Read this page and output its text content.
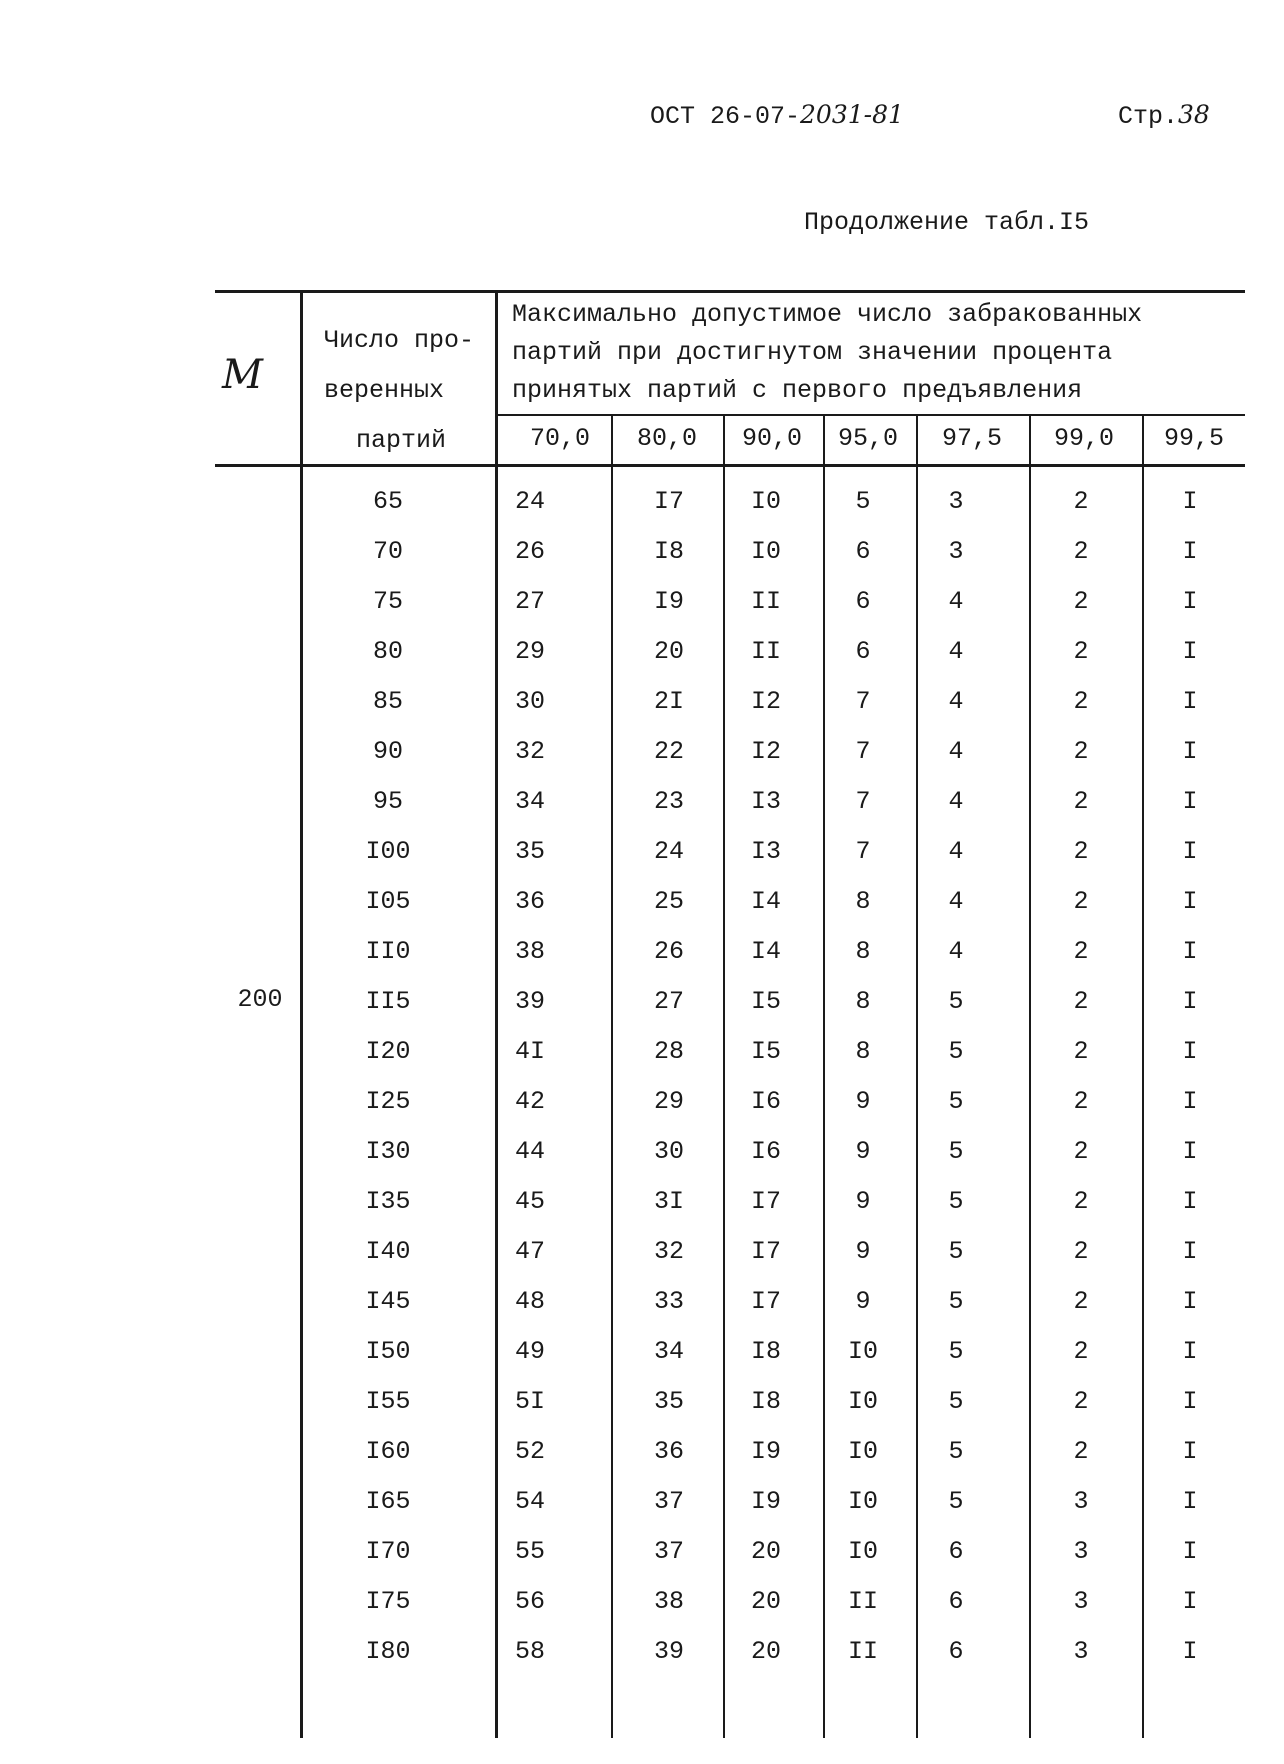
ОСТ 26-07-2031-81	Стр.38
Продолжение табл.I5
M
Число про-
веренных
партий
Максимально допустимое число забракованных
партий при достигнутом значении процента
принятых партий с первого предъявления
200
70,0	80,0	90,0	95,0	97,5	99,0	99,5
65	24	I7	I0	5	3	2	I
70	26	I8	I0	6	3	2	I
75	27	I9	II	6	4	2	I
80	29	20	II	6	4	2	I
85	30	2I	I2	7	4	2	I
90	32	22	I2	7	4	2	I
95	34	23	I3	7	4	2	I
I00	35	24	I3	7	4	2	I
I05	36	25	I4	8	4	2	I
II0	38	26	I4	8	4	2	I
II5	39	27	I5	8	5	2	I
I20	4I	28	I5	8	5	2	I
I25	42	29	I6	9	5	2	I
I30	44	30	I6	9	5	2	I
I35	45	3I	I7	9	5	2	I
I40	47	32	I7	9	5	2	I
I45	48	33	I7	9	5	2	I
I50	49	34	I8	I0	5	2	I
I55	5I	35	I8	I0	5	2	I
I60	52	36	I9	I0	5	2	I
I65	54	37	I9	I0	5	3	I
I70	55	37	20	I0	6	3	I
I75	56	38	20	II	6	3	I
I80	58	39	20	II	6	3	I
